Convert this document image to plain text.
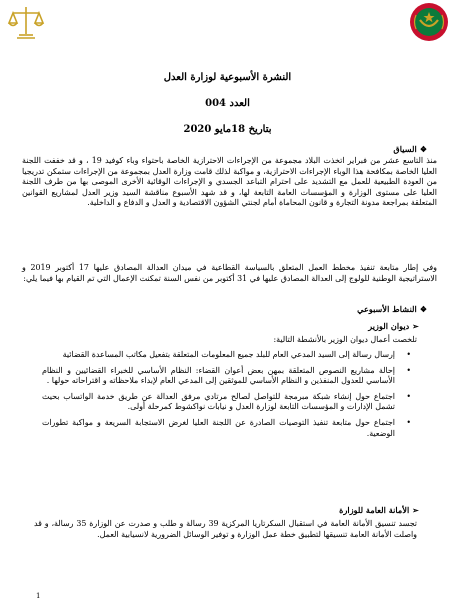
النشرة الأسبوعية لوزارة العدل
العدد 004
بتاريخ 18مايو 2020
❖السياق
منذ التاسع عشر من فبراير اتخذت البلاد مجموعة من الإجراءات الاحترازية الخاصة باحتواء وباء كوفيد 19 ، و قد خففت اللجنة العليا الخاصة بمكافحة هذا الوباء الإجراءات الاحترازية، و مواكبة لذلك قامت وزارة العدل بمجموعة من الإجراءات ستمكن تدريجيا من العودة الطبيعية للعمل مع التشديد على احترام التباعد الجسدي و الإجراءات الوقائية الأخرى الموصى بها من طرف اللجنة العليا على مستوى الوزارة و المؤسسات العامة التابعة لها، و قد شهد الأسبوع مناقشة السيد وزير العدل لمشاريع القوانين المتعلقة بمراجعة مدونة التجارة و قانون المحاماة أمام لجنتي الشؤون الاقتصادية و العدل و الدفاع و الداخلية.
وفي إطار متابعة تنفيذ مخطط العمل المتعلق بالسياسة القطاعية في ميدان العدالة المصادق عليها 17 أكتوبر 2019 و الاستراتيجية الوطنية للولوج إلى العدالة المصادق عليها في 31 أكتوبر من نفس السنة تمكنت الإعمال التي تم القيام بها فيما يلي:
❖النشاط الأسبوعي
➢ ديوان الوزير
تلخصت أعمال ديوان الوزير بالأنشطة التالية:
•
إرسال رسالة إلى السيد المدعي العام للبلد جميع المعلومات المتعلقة بتفعيل مكاتب المساعدة القضائية
•
إحالة مشاريع النصوص المتعلقة بمهن بعض أعوان القضاء: النظام الأساسي للخبراء القضائيين و النظام الأساسي للعدول المنفذين و النظام الأساسي للموثقين إلى المدعي العام لإبداء ملاحظاته و اقتراحاته حولها .
•
اجتماع حول إنشاء شبكة مبرمجة للتواصل لصالح مرتادي مرفق العدالة عن طريق خدمة الواتساب بحيث تشمل الإدارات و المؤسسات التابعة لوزارة العدل و نيابات نواكشوط كمرحلة أولى.
•
اجتماع حول متابعة تنفيذ التوصيات الصادرة عن اللجنة العليا لغرض الاستجابة السريعة و مواكبة تطورات الوضعية.
➢ الأمانة العامة للوزارة
تجسد تنسيق الأمانة العامة في استقبال السكرتاريا المركزية 39 رسالة و طلب و صدرت عن الوزارة 35 رسالة، و قد واصلت الأمانة العامة تنسيقها لتطبيق خطة عمل الوزارة و توفير الوسائل الضرورية لانسيابية العمل.
1
